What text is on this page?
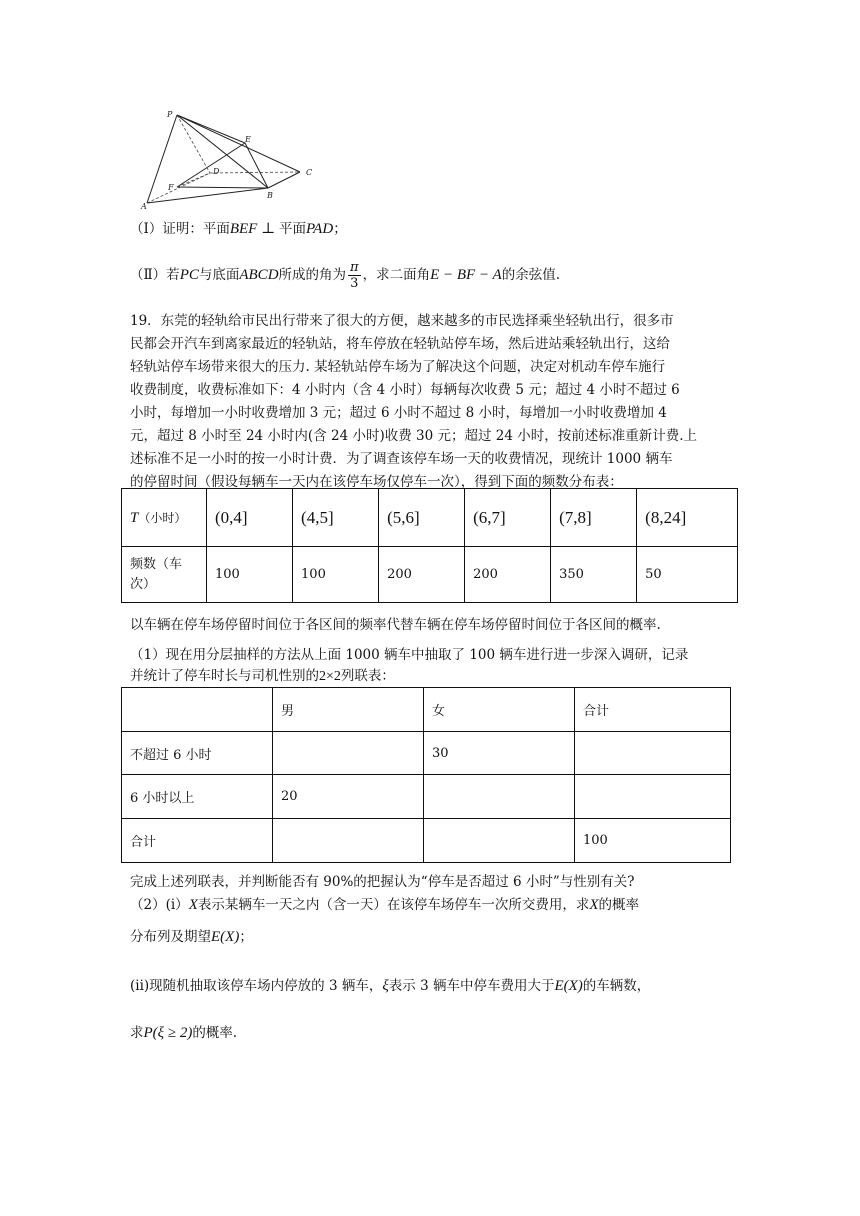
P
E
D	C
F
B
A
（Ⅰ）证明：平面BEF ⊥ 平面PAD；
（Ⅱ）若PC与底面ABCD所成的角为 $\frac{\pi}{3}$ ，求二面角E − BF − A的余弦值.
19．东莞的轻轨给市民出行带来了很大的方便，越来越多的市民选择乘坐轻轨出行，很多市
民都会开汽车到离家最近的轻轨站，将车停放在轻轨站停车场，然后进站乘轻轨出行，这给
轻轨站停车场带来很大的压力. 某轻轨站停车场为了解决这个问题，决定对机动车停车施行
收费制度，收费标准如下：4 小时内（含 4 小时）每辆每次收费 5 元；超过 4 小时不超过 6
小时，每增加一小时收费增加 3 元；超过 6 小时不超过 8 小时，每增加一小时收费增加 4
元，超过 8 小时至 24 小时内(含 24 小时)收费 30 元；超过 24 小时，按前述标准重新计费.上
述标准不足一小时的按一小时计费．为了调查该停车场一天的收费情况，现统计 1000 辆车
的停留时间（假设每辆车一天内在该停车场仅停车一次），得到下面的频数分布表：
T（小时）	(0,4]	(4,5]	(5,6]	(6,7]	(7,8]	(8,24]
频数（车
次）	100	100	200	200	350	50
以车辆在停车场停留时间位于各区间的频率代替车辆在停车场停留时间位于各区间的概率.
（1）现在用分层抽样的方法从上面 1000 辆车中抽取了 100 辆车进行进一步深入调研，记录
并统计了停车时长与司机性别的2×2列联表：
	男	女	合计
不超过 6 小时		30	
6 小时以上	20		
合计			100
完成上述列联表，并判断能否有 90%的把握认为“停车是否超过 6 小时”与性别有关?
（2）(i）X表示某辆车一天之内（含一天）在该停车场停车一次所交费用，求X的概率
分布列及期望E(X)；
(ii)现随机抽取该停车场内停放的 3 辆车，ξ表示 3 辆车中停车费用大于E(X)的车辆数，
求P(ξ ≥ 2)的概率.
